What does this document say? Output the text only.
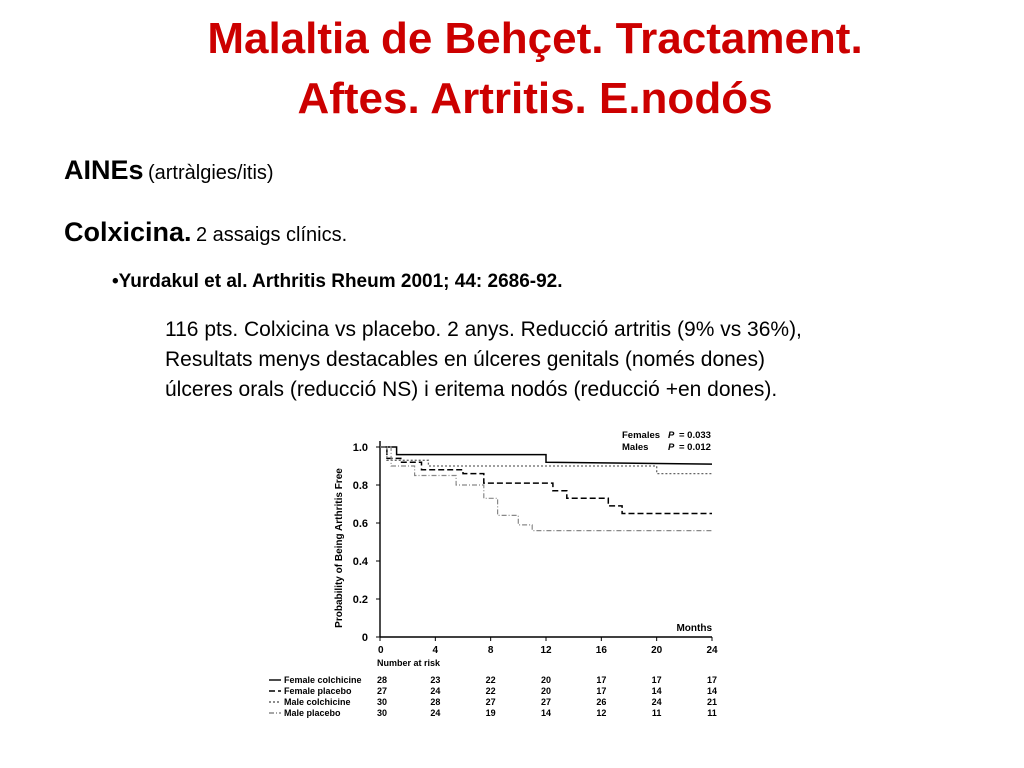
Malaltia de Behçet. Tractament.
Aftes. Artritis. E.nodós
AINEs (artràlgies/itis)
Colxicina. 2 assaigs clínics.
•Yurdakul et al. Arthritis Rheum 2001; 44: 2686-92.
116 pts. Colxicina vs placebo. 2 anys. Reducció artritis (9% vs 36%),
Resultats menys destacables en úlceres genitals (només dones)
úlceres orals (reducció NS) i eritema nodós (reducció +en dones).
0
0.2
0.4
0.6
0.8
1.0
0	4	8	12	16	20	24
Months
Probability of Being Arthritis Free
Females P = 0.033
Males P = 0.012
Number at risk
Female colchicine 28	23	22	20	17	17	17
Female placebo	27	24	22	20	17	14	14
Male colchicine	30	28	27	27	26	24	21
Male placebo	30	24	19	14	12	11	11
